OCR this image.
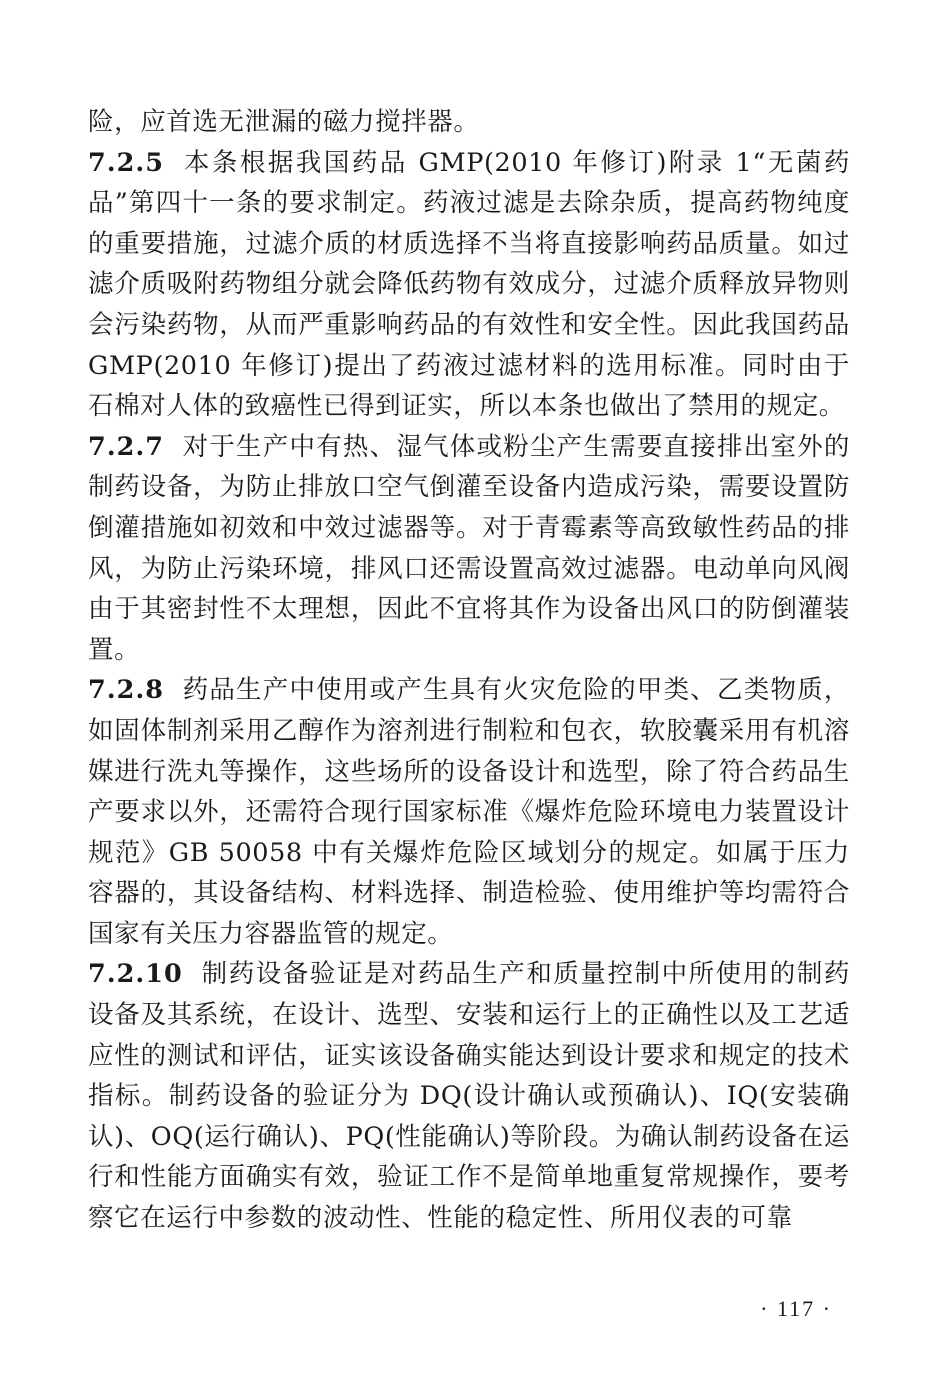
险，应首选无泄漏的磁力搅拌器。

7.2.5 本条根据我国药品 GMP(2010 年修订)附录 1“无菌药品”第四十一条的要求制定。药液过滤是去除杂质，提高药物纯度的重要措施，过滤介质的材质选择不当将直接影响药品质量。如过滤介质吸附药物组分就会降低药物有效成分，过滤介质释放异物则会污染药物，从而严重影响药品的有效性和安全性。因此我国药品 GMP(2010 年修订)提出了药液过滤材料的选用标准。同时由于石棉对人体的致癌性已得到证实，所以本条也做出了禁用的规定。

7.2.7 对于生产中有热、湿气体或粉尘产生需要直接排出室外的制药设备，为防止排放口空气倒灌至设备内造成污染，需要设置防倒灌措施如初效和中效过滤器等。对于青霉素等高致敏性药品的排风，为防止污染环境，排风口还需设置高效过滤器。电动单向风阀由于其密封性不太理想，因此不宜将其作为设备出风口的防倒灌装置。

7.2.8 药品生产中使用或产生具有火灾危险的甲类、乙类物质，如固体制剂采用乙醇作为溶剂进行制粒和包衣，软胶囊采用有机溶媒进行洗丸等操作，这些场所的设备设计和选型，除了符合药品生产要求以外，还需符合现行国家标准《爆炸危险环境电力装置设计规范》GB 50058 中有关爆炸危险区域划分的规定。如属于压力容器的，其设备结构、材料选择、制造检验、使用维护等均需符合国家有关压力容器监管的规定。

7.2.10 制药设备验证是对药品生产和质量控制中所使用的制药设备及其系统，在设计、选型、安装和运行上的正确性以及工艺适应性的测试和评估，证实该设备确实能达到设计要求和规定的技术指标。制药设备的验证分为 DQ(设计确认或预确认)、IQ(安装确认)、OQ(运行确认)、PQ(性能确认)等阶段。为确认制药设备在运行和性能方面确实有效，验证工作不是简单地重复常规操作，要考察它在运行中参数的波动性、性能的稳定性、所用仪表的可靠

· 117 ·
